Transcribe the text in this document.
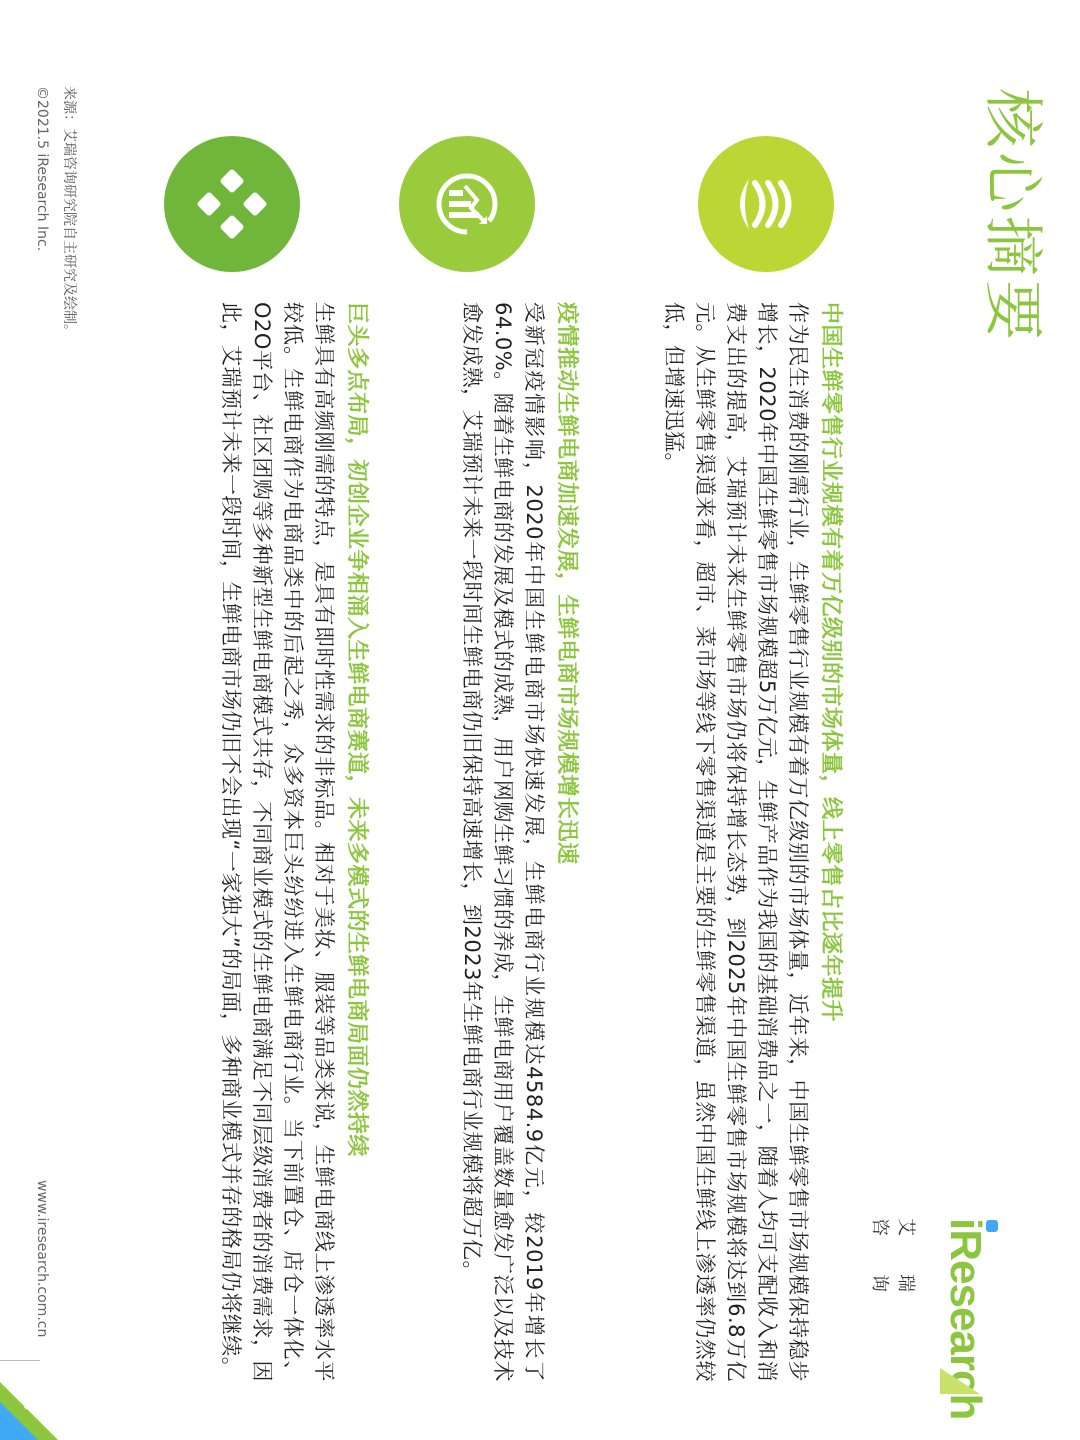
核心摘要
iResearch
艾瑞咨询

中国生鲜零售行业规模有着万亿级别的市场体量，线上零售占比逐年提升

作为民生消费的刚需行业，生鲜零售行业规模有着万亿级别的市场体量，近年来，中国生鲜零售市场规模保持稳步增长，2020年中国生鲜零售市场规模超5万亿元，生鲜产品作为我国的基础消费品之一，随着人均可支配收入和消费支出的提高，艾瑞预计未来生鲜零售市场仍将保持增长态势，到2025年中国生鲜零售市场规模将达到6.8万亿元。从生鲜零售渠道来看，超市、菜市场等线下零售渠道是主要的生鲜零售渠道，虽然中国生鲜线上渗透率仍然较低，但增速迅猛。

疫情推动生鲜电商加速发展，生鲜电商市场规模增长迅速

受新冠疫情影响，2020年中国生鲜电商市场快速发展，生鲜电商行业规模达4584.9亿元，较2019年增长了64.0%。随着生鲜电商的发展及模式的成熟，用户网购生鲜习惯的养成，生鲜电商用户覆盖数量愈发广泛以及技术愈发成熟，艾瑞预计未来一段时间生鲜电商仍旧保持高速增长，到2023年生鲜电商行业规模将超万亿。

巨头多点布局，初创企业争相涌入生鲜电商赛道，未来多模式的生鲜电商局面仍然持续

生鲜具有高频刚需的特点，是具有即时性需求的非标品。相对于美妆、服装等品类来说，生鲜电商线上渗透率水平较低。生鲜电商作为电商品类中的后起之秀，众多资本巨头纷纷进入生鲜电商行业。当下前置仓、店仓一体化、O2O平台、社区团购等多种新型生鲜电商模式共存，不同商业模式的生鲜电商满足不同层级消费者的消费需求，因此，艾瑞预计未来一段时间，生鲜电商市场仍旧不会出现“一家独大”的局面，多种商业模式并存的格局仍将继续。

来源：艾瑞咨询研究院自主研究及绘制。
©2021.5 iResearch Inc.
www.iresearch.com.cn
3
